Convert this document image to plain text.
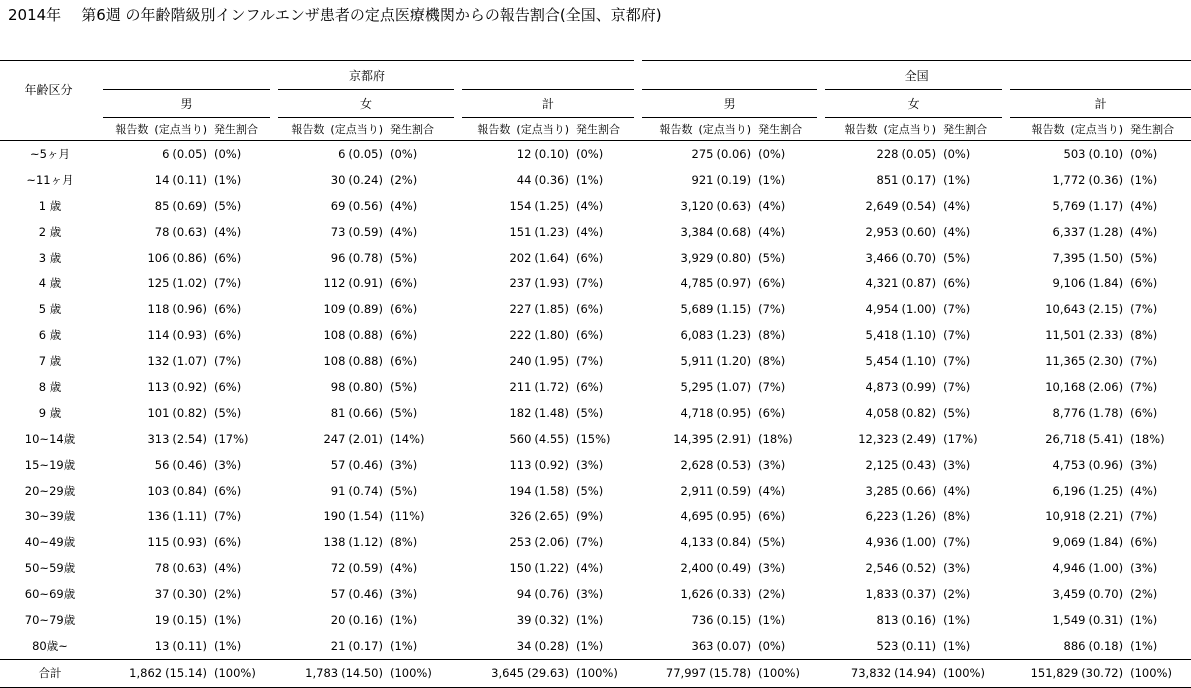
2014年 第6週 の年齢階級別インフルエンザ患者の定点医療機関からの報告割合(全国、京都府)
年齢区分	京都府						全国					
	男		女		計		男		女		計	
	報告数 (定点当り)	発生割合	報告数 (定点当り)	発生割合	報告数 (定点当り)	発生割合	報告数 (定点当り)	発生割合	報告数 (定点当り)	発生割合	報告数 (定点当り)	発生割合
~5ヶ月	6 (0.05)	(0%)	6 (0.05)	(0%)	12 (0.10)	(0%)	275 (0.06)	(0%)	228 (0.05)	(0%)	503 (0.10)	(0%)
~11ヶ月	14 (0.11)	(1%)	30 (0.24)	(2%)	44 (0.36)	(1%)	921 (0.19)	(1%)	851 (0.17)	(1%)	1,772 (0.36)	(1%)
1 歳	85 (0.69)	(5%)	69 (0.56)	(4%)	154 (1.25)	(4%)	3,120 (0.63)	(4%)	2,649 (0.54)	(4%)	5,769 (1.17)	(4%)
2 歳	78 (0.63)	(4%)	73 (0.59)	(4%)	151 (1.23)	(4%)	3,384 (0.68)	(4%)	2,953 (0.60)	(4%)	6,337 (1.28)	(4%)
3 歳	106 (0.86)	(6%)	96 (0.78)	(5%)	202 (1.64)	(6%)	3,929 (0.80)	(5%)	3,466 (0.70)	(5%)	7,395 (1.50)	(5%)
4 歳	125 (1.02)	(7%)	112 (0.91)	(6%)	237 (1.93)	(7%)	4,785 (0.97)	(6%)	4,321 (0.87)	(6%)	9,106 (1.84)	(6%)
5 歳	118 (0.96)	(6%)	109 (0.89)	(6%)	227 (1.85)	(6%)	5,689 (1.15)	(7%)	4,954 (1.00)	(7%)	10,643 (2.15)	(7%)
6 歳	114 (0.93)	(6%)	108 (0.88)	(6%)	222 (1.80)	(6%)	6,083 (1.23)	(8%)	5,418 (1.10)	(7%)	11,501 (2.33)	(8%)
7 歳	132 (1.07)	(7%)	108 (0.88)	(6%)	240 (1.95)	(7%)	5,911 (1.20)	(8%)	5,454 (1.10)	(7%)	11,365 (2.30)	(7%)
8 歳	113 (0.92)	(6%)	98 (0.80)	(5%)	211 (1.72)	(6%)	5,295 (1.07)	(7%)	4,873 (0.99)	(7%)	10,168 (2.06)	(7%)
9 歳	101 (0.82)	(5%)	81 (0.66)	(5%)	182 (1.48)	(5%)	4,718 (0.95)	(6%)	4,058 (0.82)	(5%)	8,776 (1.78)	(6%)
10~14歳	313 (2.54)	(17%)	247 (2.01)	(14%)	560 (4.55)	(15%)	14,395 (2.91)	(18%)	12,323 (2.49)	(17%)	26,718 (5.41)	(18%)
15~19歳	56 (0.46)	(3%)	57 (0.46)	(3%)	113 (0.92)	(3%)	2,628 (0.53)	(3%)	2,125 (0.43)	(3%)	4,753 (0.96)	(3%)
20~29歳	103 (0.84)	(6%)	91 (0.74)	(5%)	194 (1.58)	(5%)	2,911 (0.59)	(4%)	3,285 (0.66)	(4%)	6,196 (1.25)	(4%)
30~39歳	136 (1.11)	(7%)	190 (1.54)	(11%)	326 (2.65)	(9%)	4,695 (0.95)	(6%)	6,223 (1.26)	(8%)	10,918 (2.21)	(7%)
40~49歳	115 (0.93)	(6%)	138 (1.12)	(8%)	253 (2.06)	(7%)	4,133 (0.84)	(5%)	4,936 (1.00)	(7%)	9,069 (1.84)	(6%)
50~59歳	78 (0.63)	(4%)	72 (0.59)	(4%)	150 (1.22)	(4%)	2,400 (0.49)	(3%)	2,546 (0.52)	(3%)	4,946 (1.00)	(3%)
60~69歳	37 (0.30)	(2%)	57 (0.46)	(3%)	94 (0.76)	(3%)	1,626 (0.33)	(2%)	1,833 (0.37)	(2%)	3,459 (0.70)	(2%)
70~79歳	19 (0.15)	(1%)	20 (0.16)	(1%)	39 (0.32)	(1%)	736 (0.15)	(1%)	813 (0.16)	(1%)	1,549 (0.31)	(1%)
80歳~	13 (0.11)	(1%)	21 (0.17)	(1%)	34 (0.28)	(1%)	363 (0.07)	(0%)	523 (0.11)	(1%)	886 (0.18)	(1%)
合計	1,862 (15.14)	(100%)	1,783 (14.50)	(100%)	3,645 (29.63)	(100%)	77,997 (15.78)	(100%)	73,832 (14.94)	(100%)	151,829 (30.72)	(100%)
